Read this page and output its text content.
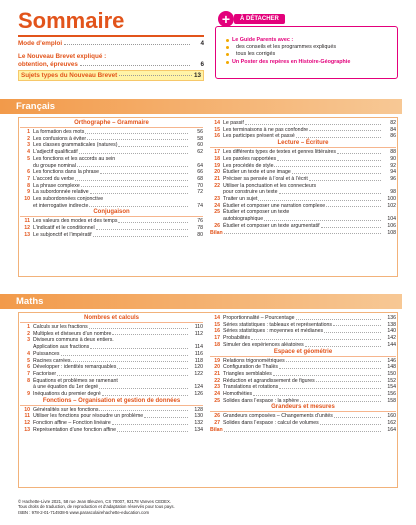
Sommaire
Mode d’emploi	4
Le Nouveau Brevet expliqué :
obtention, épreuves	6
Sujets types du Nouveau Brevet	13
Le Guide Parents avec :
des conseils et les programmes expliqués
tous les corrigés
Un Poster des repères en Histoire-Géographie
+	À DÉTACHER
Français
Orthographe – Grammaire
1 La formation des mots	56
2 Les confusions à éviter	58
3 Les classes grammaticales (natures)	60
4 L’adjectif qualificatif	62
5 Les fonctions et les accords au sein
du groupe nominal	64
6 Les fonctions dans la phrase	66
7 L’accord du verbe	68
8 La phrase complexe	70
9 La subordonnée relative	72
10 Les subordonnées conjonctive
et interrogative indirecte	74
Conjugaison
11 Les valeurs des modes et des temps	76
12 L’indicatif et le conditionnel	78
13 Le subjonctif et l’impératif	80
14 Le passif	82
15 Les terminaisons à ne pas confondre	84
16 Les participes présent et passé	86
Lecture – Écriture
17 Les différents types de textes et genres littéraires	88
18 Les paroles rapportées	90
19 Les procédés de style	92
20 Étudier un texte et une image	94
21 Préciser sa pensée à l’oral et à l’écrit	96
22 Utiliser la ponctuation et les connecteurs
pour construire un texte	98
23 Traiter un sujet	100
24 Étudier et composer une narration complexe	102
25 Étudier et composer un texte
autobiographique	104
26 Étudier et composer un texte argumentatif	106
Bilan	108
Maths
Nombres et calculs
1 Calculs sur les fractions	110
2 Multiples et diviseurs d’un nombre	112
3 Diviseurs communs à deux entiers.
Application aux fractions	114
4 Puissances	116
5 Racines carrées	118
6 Développer : identités remarquables	120
7 Factoriser	122
8 Équations et problèmes se ramenant
à une équation du 1er degré	124
9 Inéquations du premier degré	126
Fonctions – Organisation et gestion de données
10 Généralités sur les fonctions	128
11 Utiliser les fonctions pour résoudre un problème	130
12 Fonction affine – Fonction linéaire	132
13 Représentation d’une fonction affine	134
14 Proportionnalité – Pourcentage	136
15 Séries statistiques : tableaux et représentations	138
16 Séries statistiques : moyennes et médianes	140
17 Probabilités	142
18 Simuler des expériences aléatoires	144
Espace et géométrie
19 Relations trigonométriques	146
20 Configuration de Thalès	148
21 Triangles semblables	150
22 Réduction et agrandissement de figures	152
23 Translations et rotations	154
24 Homothéties	156
25 Solides dans l’espace : la sphère	158
Grandeurs et mesures
26 Grandeurs composées – Changements d’unités	160
27 Solides dans l’espace : calcul de volumes	162
Bilan	164
© Hachette-Livre 2021, 58 rue Jean Bleuzen, CS 70007, 92178 Vanves CEDEX.
Tous droits de traduction, de reproduction et d’adaptation réservés pour tous pays.
ISBN : 978-2-01-714938-5 www.parascolairehachette-education.com
